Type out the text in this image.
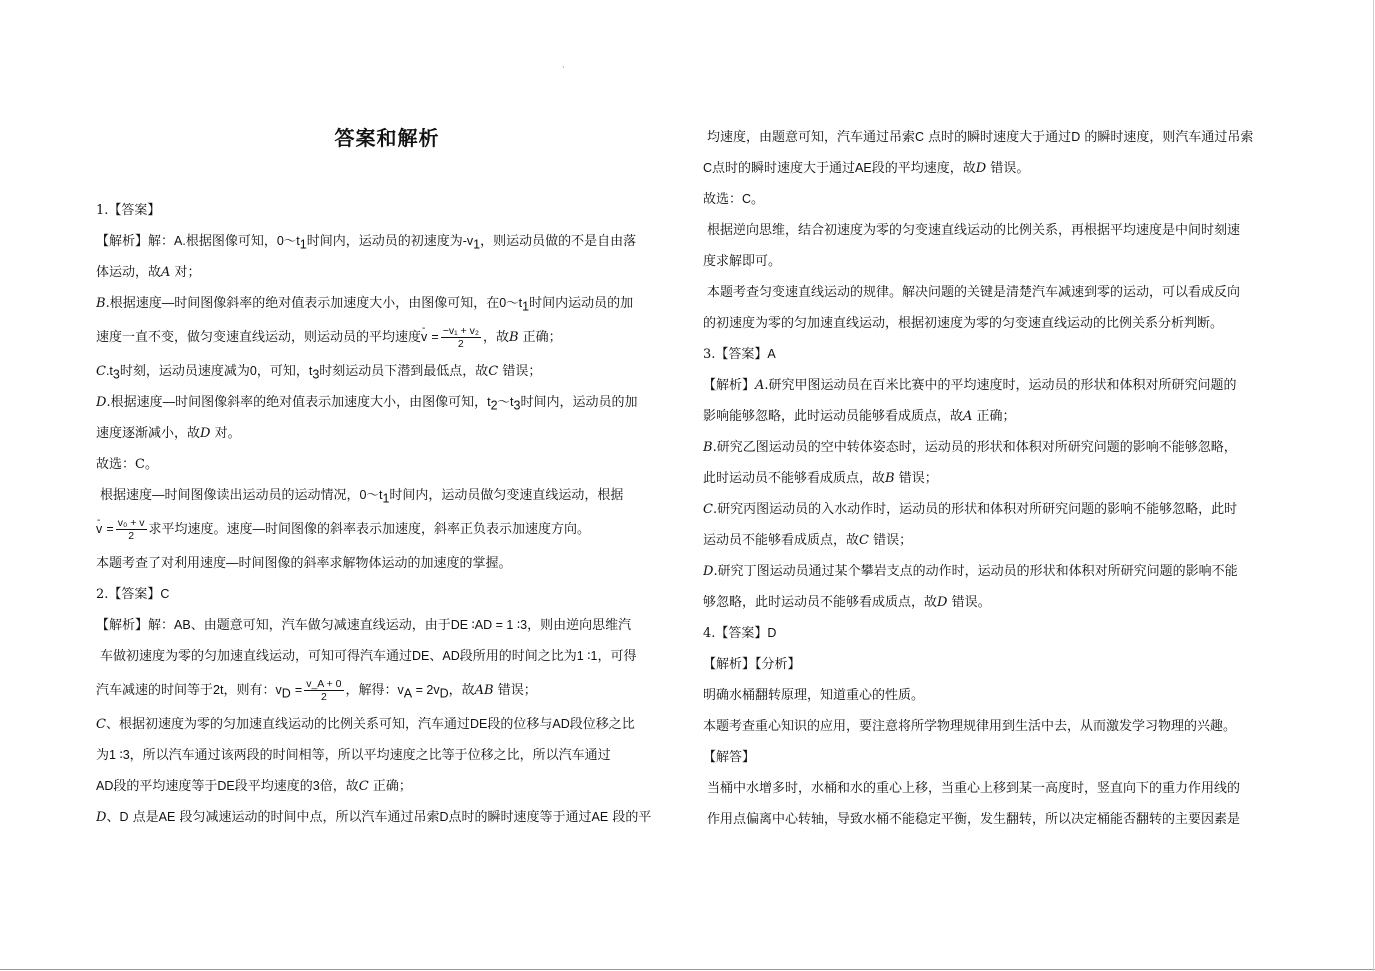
·
答案和解析
1.【答案】
【解析】解：A.根据图像可知，$0\sim t_1$时间内，运动员的初速度为$-v_1$，则运动员做的不是自由落
体运动，故A 对；
B.根据速度—时间图像斜率的绝对值表示加速度大小，由图像可知，在$0\sim t_1$时间内运动员的加
速度一直不变，做匀变速直线运动，则运动员的平均速度- $v = \frac{\text{−v₁ + v₂}}{2}$ ，故B 正确；
$C.t_3$时刻，运动员速度减为0，可知，$t_3$时刻运动员下潜到最低点，故C 错误；
D.根据速度—时间图像斜率的绝对值表示加速度大小，由图像可知，$t_2\sim t_3$时间内，运动员的加
速度逐渐减小，故D 对。
故选：C。
根据速度—时间图像读出运动员的运动情况，$0\sim t_1$时间内，运动员做匀变速直线运动，根据
- $v = \frac{\text{v₀ + v}}{2}$ 求平均速度。速度—时间图像的斜率表示加速度，斜率正负表示加速度方向。
本题考查了对利用速度—时间图像的斜率求解物体运动的加速度的掌握。
2.【答案】C
【解析】解：AB、由题意可知，汽车做匀减速直线运动，由于DE ∶AD = 1 ∶3，则由逆向思维汽
车做初速度为零的匀加速直线运动，可知可得汽车通过DE、AD段所用的时间之比为1 ∶1，可得
汽车减速的时间等于2t，则有：$v_D = \frac{v\_A + 0}{2}$ ，解得：$v_A = 2v_D$，故AB 错误；
C、根据初速度为零的匀加速直线运动的比例关系可知，汽车通过DE段的位移与AD段位移之比
为1 ∶3，所以汽车通过该两段的时间相等，所以平均速度之比等于位移之比，所以汽车通过
AD段的平均速度等于DE段平均速度的3倍，故C 正确；
D、D 点是AE 段匀减速运动的时间中点，所以汽车通过吊索D点时的瞬时速度等于通过AE 段的平
均速度，由题意可知，汽车通过吊索C 点时的瞬时速度大于通过D 的瞬时速度，则汽车通过吊索
C点时的瞬时速度大于通过AE段的平均速度，故D 错误。
故选：C。
根据逆向思维，结合初速度为零的匀变速直线运动的比例关系，再根据平均速度是中间时刻速
度求解即可。
本题考查匀变速直线运动的规律。解决问题的关键是清楚汽车减速到零的运动，可以看成反向
的初速度为零的匀加速直线运动，根据初速度为零的匀变速直线运动的比例关系分析判断。
3.【答案】A
【解析】A.研究甲图运动员在百米比赛中的平均速度时，运动员的形状和体积对所研究问题的
影响能够忽略，此时运动员能够看成质点，故A 正确；
B.研究乙图运动员的空中转体姿态时，运动员的形状和体积对所研究问题的影响不能够忽略，
此时运动员不能够看成质点，故B 错误；
C.研究丙图运动员的入水动作时，运动员的形状和体积对所研究问题的影响不能够忽略，此时
运动员不能够看成质点，故C 错误；
D.研究丁图运动员通过某个攀岩支点的动作时，运动员的形状和体积对所研究问题的影响不能
够忽略，此时运动员不能够看成质点，故D 错误。
4.【答案】D
【解析】【分析】
明确水桶翻转原理，知道重心的性质。
本题考查重心知识的应用，要注意将所学物理规律用到生活中去，从而激发学习物理的兴趣。
【解答】
当桶中水增多时，水桶和水的重心上移，当重心上移到某一高度时，竖直向下的重力作用线的
作用点偏离中心转轴，导致水桶不能稳定平衡，发生翻转，所以决定桶能否翻转的主要因素是
